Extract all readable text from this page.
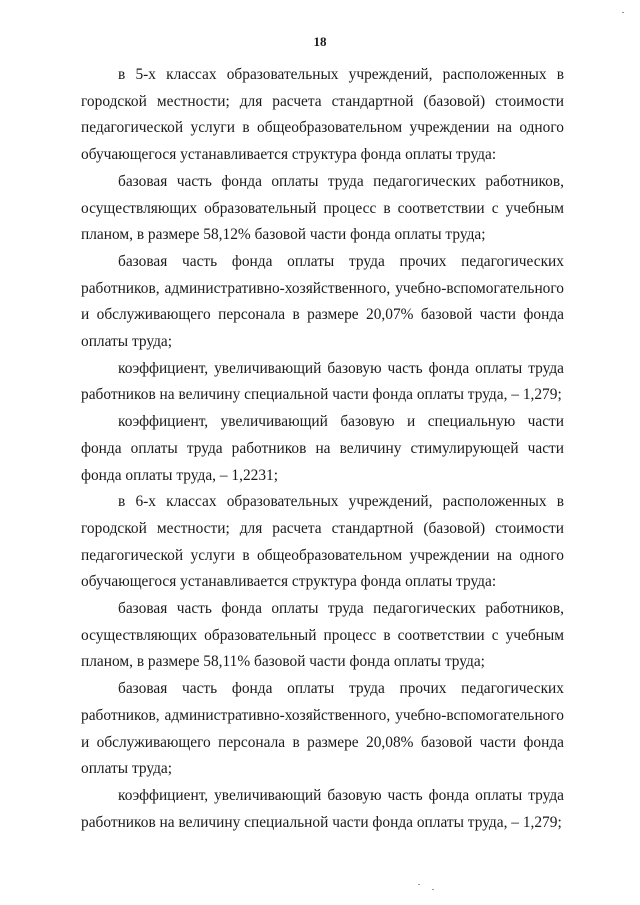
18

в 5-х классах образовательных учреждений, расположенных в городской местности; для расчета стандартной (базовой) стоимости педагогической услуги в общеобразовательном учреждении на одного обучающегося устанавливается структура фонда оплаты труда:

базовая часть фонда оплаты труда педагогических работников, осуществляющих образовательный процесс в соответствии с учебным планом, в размере 58,12% базовой части фонда оплаты труда;

базовая часть фонда оплаты труда прочих педагогических работников, административно-хозяйственного, учебно-вспомогательного и обслуживающего персонала в размере 20,07% базовой части фонда оплаты труда;

коэффициент, увеличивающий базовую часть фонда оплаты труда работников на величину специальной части фонда оплаты труда, – 1,279;

коэффициент, увеличивающий базовую и специальную части фонда оплаты труда работников на величину стимулирующей части фонда оплаты труда, – 1,2231;

в 6-х классах образовательных учреждений, расположенных в городской местности; для расчета стандартной (базовой) стоимости педагогической услуги в общеобразовательном учреждении на одного обучающегося устанавливается структура фонда оплаты труда:

базовая часть фонда оплаты труда педагогических работников, осуществляющих образовательный процесс в соответствии с учебным планом, в размере 58,11% базовой части фонда оплаты труда;

базовая часть фонда оплаты труда прочих педагогических работников, административно-хозяйственного, учебно-вспомогательного и обслуживающего персонала в размере 20,08% базовой части фонда оплаты труда;

коэффициент, увеличивающий базовую часть фонда оплаты труда работников на величину специальной части фонда оплаты труда, – 1,279;
